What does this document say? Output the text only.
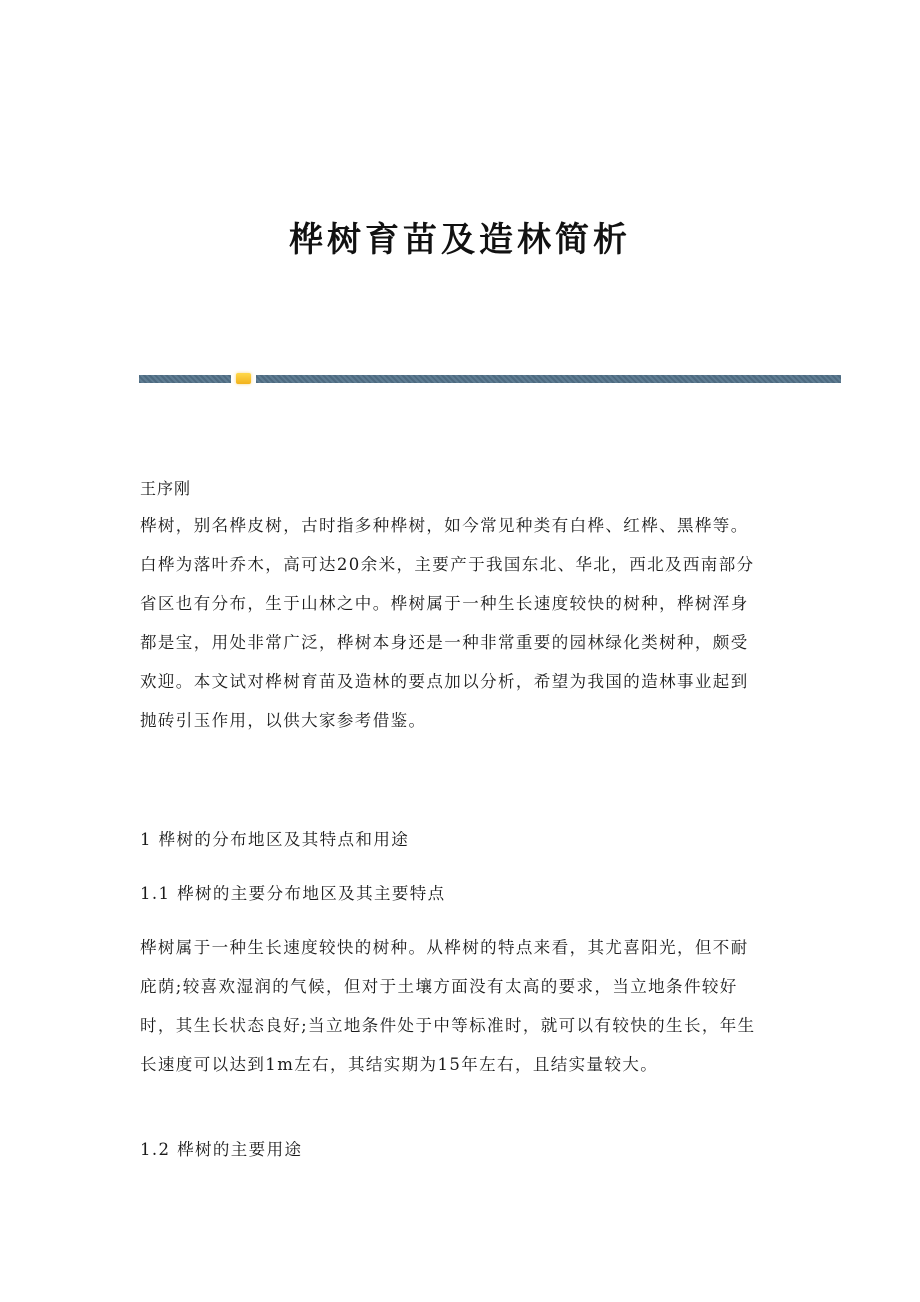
桦树育苗及造林简析
王序刚
桦树，别名桦皮树，古时指多种桦树，如今常见种类有白桦、红桦、黑桦等。
白桦为落叶乔木，高可达20余米，主要产于我国东北、华北，西北及西南部分
省区也有分布，生于山林之中。桦树属于一种生长速度较快的树种，桦树浑身
都是宝，用处非常广泛，桦树本身还是一种非常重要的园林绿化类树种，颇受
欢迎。本文试对桦树育苗及造林的要点加以分析，希望为我国的造林事业起到
抛砖引玉作用，以供大家参考借鉴。
1 桦树的分布地区及其特点和用途
1.1 桦树的主要分布地区及其主要特点
桦树属于一种生长速度较快的树种。从桦树的特点来看，其尤喜阳光，但不耐
庇荫;较喜欢湿润的气候，但对于土壤方面没有太高的要求，当立地条件较好
时，其生长状态良好;当立地条件处于中等标准时，就可以有较快的生长，年生
长速度可以达到1m左右，其结实期为15年左右，且结实量较大。
1.2 桦树的主要用途
